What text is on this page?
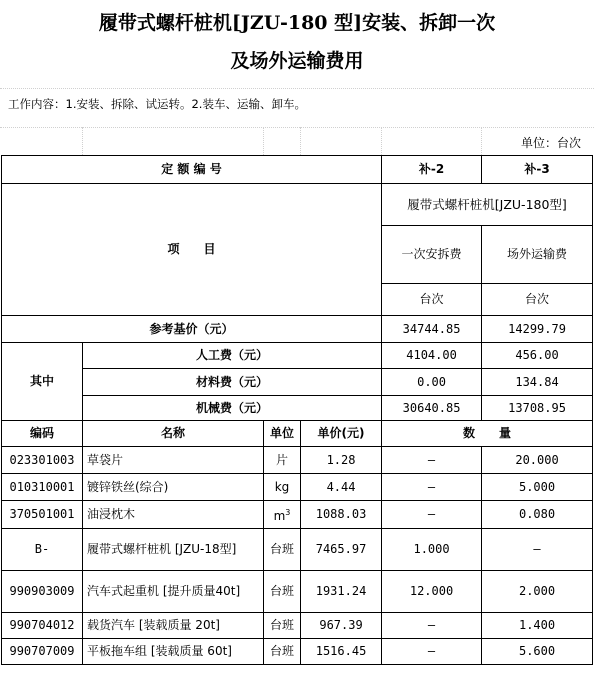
履带式螺杆桩机[JZU-180 型]安装、拆卸一次
及场外运输费用
工作内容：1.安装、拆除、试运转。2.装车、运输、卸车。
单位：台次
定 额 编 号				补-2	补-3
项　　目				履带式螺杆桩机[JZU-180型]	
				一次安拆费	场外运输费
				台次	台次
参考基价（元）				34744.85	14299.79
其中	人工费（元）			4104.00	456.00
	材料费（元）			0.00	134.84
	机械费（元）			30640.85	13708.95
编码	名称	单位	单价(元)	数　　量	
023301003	草袋片	片	1.28	—	20.000
010310001	镀锌铁丝(综合)	kg	4.44	—	5.000
370501001	油浸枕木	$m^3$	1088.03	—	0.080
B-	履带式螺杆桩机 [JZU-18型]	台班	7465.97	1.000	—
990903009	汽车式起重机 [提升质量40t]	台班	1931.24	12.000	2.000
990704012	载货汽车 [装载质量 20t]	台班	967.39	—	1.400
990707009	平板拖车组 [装载质量 60t]	台班	1516.45	—	5.600
